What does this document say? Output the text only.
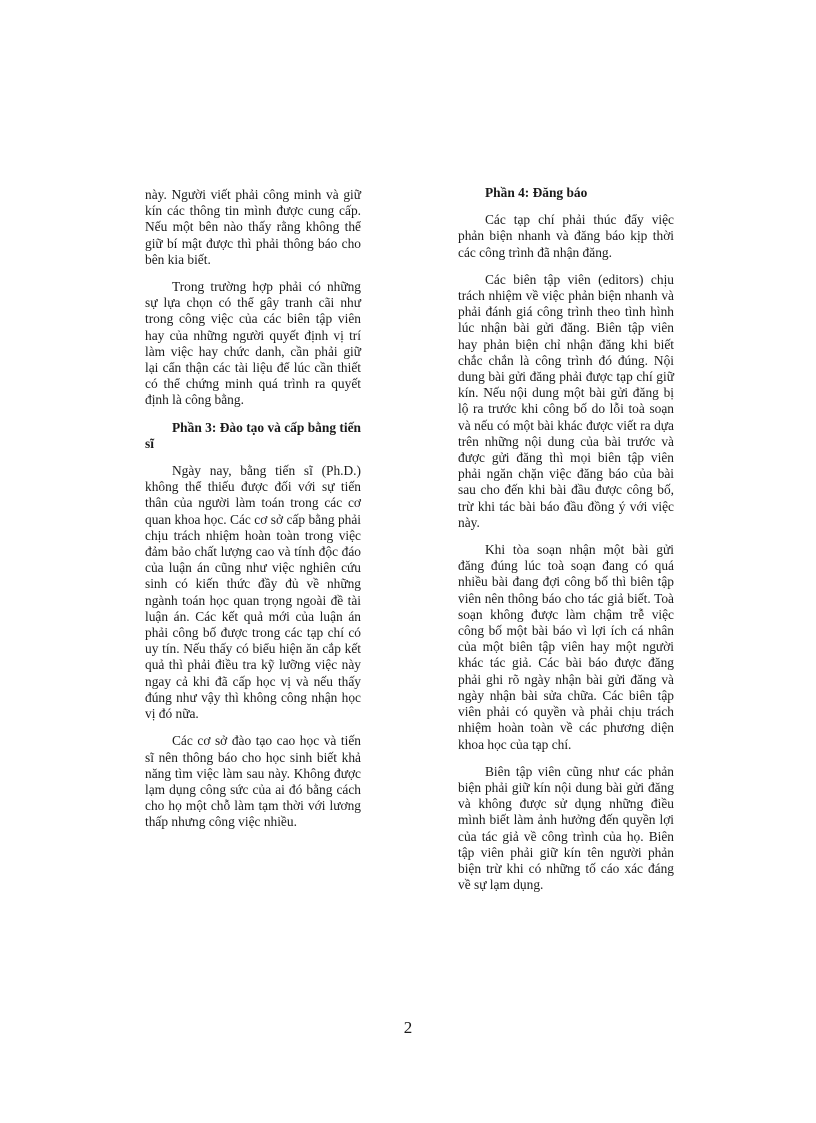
này. Người viết phải công minh và giữ kín các thông tin mình được cung cấp. Nếu một bên nào thấy rằng không thể giữ bí mật được thì phải thông báo cho bên kia biết.

Trong trường hợp phải có những sự lựa chọn có thể gây tranh cãi như trong công việc của các biên tập viên hay của những người quyết định vị trí làm việc hay chức danh, cần phải giữ lại cẩn thận các tài liệu để lúc cần thiết có thể chứng minh quá trình ra quyết định là công bằng.

Phần 3: Đào tạo và cấp bằng tiến sĩ

Ngày nay, bằng tiến sĩ (Ph.D.) không thể thiếu được đối với sự tiến thân của người làm toán trong các cơ quan khoa học. Các cơ sở cấp bằng phải chịu trách nhiệm hoàn toàn trong việc đảm bảo chất lượng cao và tính độc đáo của luận án cũng như việc nghiên cứu sinh có kiến thức đầy đủ về những ngành toán học quan trọng ngoài đề tài luận án. Các kết quả mới của luận án phải công bố được trong các tạp chí có uy tín. Nếu thấy có biểu hiện ăn cắp kết quả thì phải điều tra kỹ lưỡng việc này ngay cả khi đã cấp học vị và nếu thấy đúng như vậy thì không công nhận học vị đó nữa.

Các cơ sở đào tạo cao học và tiến sĩ nên thông báo cho học sinh biết khả năng tìm việc làm sau này. Không được lạm dụng công sức của ai đó bằng cách cho họ một chỗ làm tạm thời với lương thấp nhưng công việc nhiều.

Phần 4: Đăng báo

Các tạp chí phải thúc đẩy việc phản biện nhanh và đăng báo kịp thời các công trình đã nhận đăng.

Các biên tập viên (editors) chịu trách nhiệm về việc phản biện nhanh và phải đánh giá công trình theo tình hình lúc nhận bài gửi đăng. Biên tập viên hay phản biện chỉ nhận đăng khi biết chắc chắn là công trình đó đúng. Nội dung bài gửi đăng phải được tạp chí giữ kín. Nếu nội dung một bài gửi đăng bị lộ ra trước khi công bố do lỗi toà soạn và nếu có một bài khác được viết ra dựa trên những nội dung của bài trước và được gửi đăng thì mọi biên tập viên phải ngăn chặn việc đăng báo của bài sau cho đến khi bài đầu được công bố, trừ khi tác bài báo đầu đồng ý với việc này.

Khi tòa soạn nhận một bài gửi đăng đúng lúc toà soạn đang có quá nhiều bài đang đợi công bố thì biên tập viên nên thông báo cho tác giả biết. Toà soạn không được làm chậm trễ việc công bố một bài báo vì lợi ích cá nhân của một biên tập viên hay một người khác tác giả. Các bài báo được đăng phải ghi rõ ngày nhận bài gửi đăng và ngày nhận bài sửa chữa. Các biên tập viên phải có quyền và phải chịu trách nhiệm hoàn toàn về các phương diện khoa học của tạp chí.

Biên tập viên cũng như các phản biện phải giữ kín nội dung bài gửi đăng và không được sử dụng những điều mình biết làm ảnh hưởng đến quyền lợi của tác giả về công trình của họ. Biên tập viên phải giữ kín tên người phản biện trừ khi có những tố cáo xác đáng về sự lạm dụng.

2
